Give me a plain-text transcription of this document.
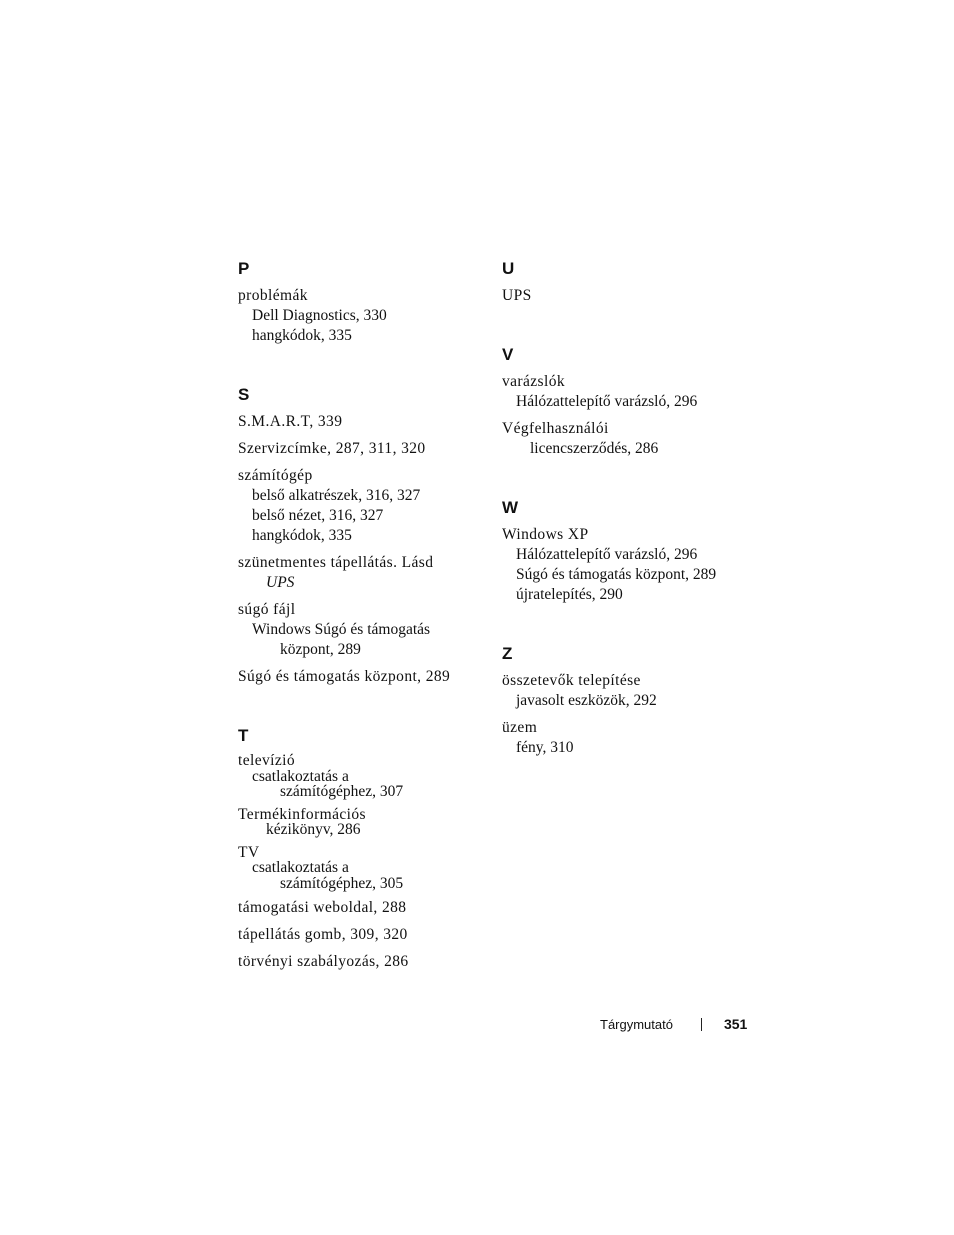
P
problémák
Dell Diagnostics, 330
hangkódok, 335
S
S.M.A.R.T, 339
Szervizcímke, 287, 311, 320
számítógép
belső alkatrészek, 316, 327
belső nézet, 316, 327
hangkódok, 335
szünetmentes tápellátás. Lásd
UPS
súgó fájl
Windows Súgó és támogatás
központ, 289
Súgó és támogatás központ, 289
T
televízió
csatlakoztatás a
számítógéphez, 307
Termékinformációs
kézikönyv, 286
TV
csatlakoztatás a
számítógéphez, 305
támogatási weboldal, 288
tápellátás gomb, 309, 320
törvényi szabályozás, 286
U
UPS
V
varázslók
Hálózattelepítő varázsló, 296
Végfelhasználói
licencszerződés, 286
W
Windows XP
Hálózattelepítő varázsló, 296
Súgó és támogatás központ, 289
újratelepítés, 290
Z
összetevők telepítése
javasolt eszközök, 292
üzem
fény, 310
Tárgymutató	351
